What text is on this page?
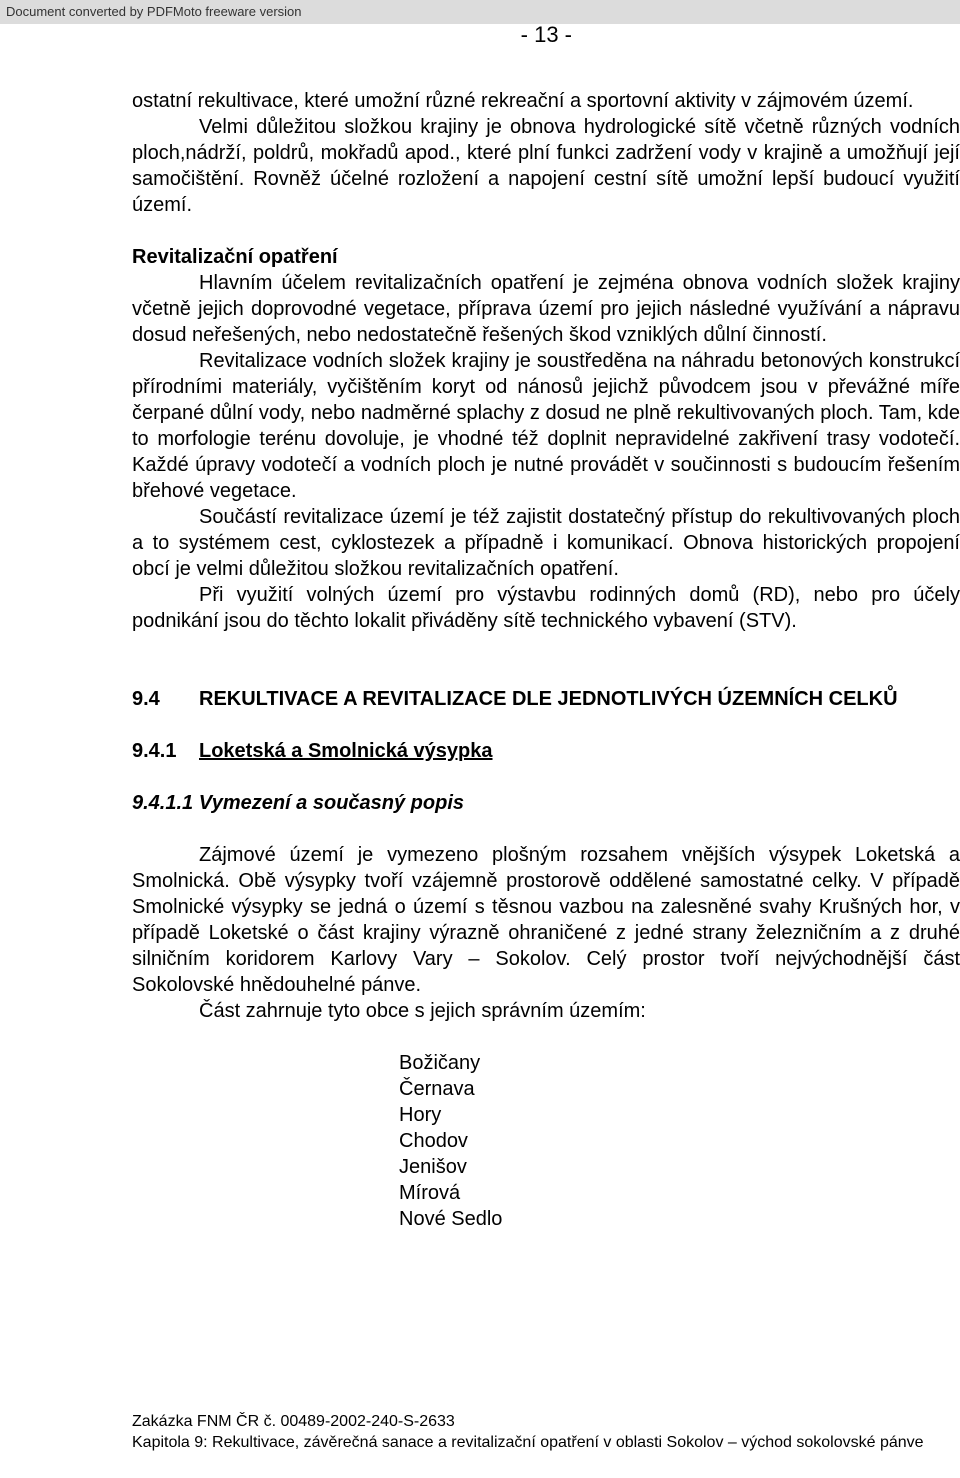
Document converted by PDFMoto freeware version
- 13 -

ostatní rekultivace, které umožní různé rekreační a sportovní aktivity v zájmovém území.

Velmi důležitou složkou krajiny je obnova hydrologické sítě včetně různých vodních ploch,nádrží, poldrů, mokřadů apod., které plní funkci zadržení vody v krajině a umožňují její samočištění. Rovněž účelné rozložení a napojení cestní sítě umožní lepší budoucí využití území.

Revitalizační opatření

Hlavním účelem revitalizačních opatření je zejména obnova vodních složek krajiny včetně jejich doprovodné vegetace, příprava území pro jejich následné využívání a nápravu dosud neřešených, nebo nedostatečně řešených škod vzniklých důlní činností.

Revitalizace vodních složek krajiny je soustředěna na náhradu betonových konstrukcí přírodními materiály, vyčištěním koryt od nánosů jejichž původcem jsou v převážné míře čerpané důlní vody, nebo nadměrné splachy z dosud ne plně rekultivovaných ploch. Tam, kde to morfologie terénu dovoluje, je vhodné též doplnit nepravidelné zakřivení trasy vodotečí. Každé úpravy vodotečí a vodních ploch je nutné provádět v součinnosti s budoucím řešením břehové vegetace.

Součástí revitalizace území je též zajistit dostatečný přístup do rekultivovaných ploch a to systémem cest, cyklostezek a případně i komunikací. Obnova historických propojení obcí je velmi důležitou složkou revitalizačních opatření.

Při využití volných území pro výstavbu rodinných domů (RD), nebo pro účely podnikání jsou do těchto lokalit přiváděny sítě technického vybavení (STV).

9.4	REKULTIVACE A REVITALIZACE DLE JEDNOTLIVÝCH ÚZEMNÍCH CELKŮ
9.4.1	Loketská a Smolnická výsypka
9.4.1.1 Vymezení a současný popis

Zájmové území je vymezeno plošným rozsahem vnějších výsypek Loketská a Smolnická. Obě výsypky tvoří vzájemně prostorově oddělené samostatné celky. V případě Smolnické výsypky se jedná o území s těsnou vazbou na zalesněné svahy Krušných hor, v případě Loketské o část krajiny výrazně ohraničené z jedné strany železničním a z druhé silničním koridorem Karlovy Vary – Sokolov. Celý prostor tvoří nejvýchodnější část Sokolovské hnědouhelné pánve.

Část zahrnuje tyto obce s jejich správním územím:

Božičany
Černava
Hory
Chodov
Jenišov
Mírová
Nové Sedlo
Zakázka FNM ČR č. 00489-2002-240-S-2633
Kapitola 9: Rekultivace, závěrečná sanace a revitalizační opatření v oblasti Sokolov – východ sokolovské pánve
